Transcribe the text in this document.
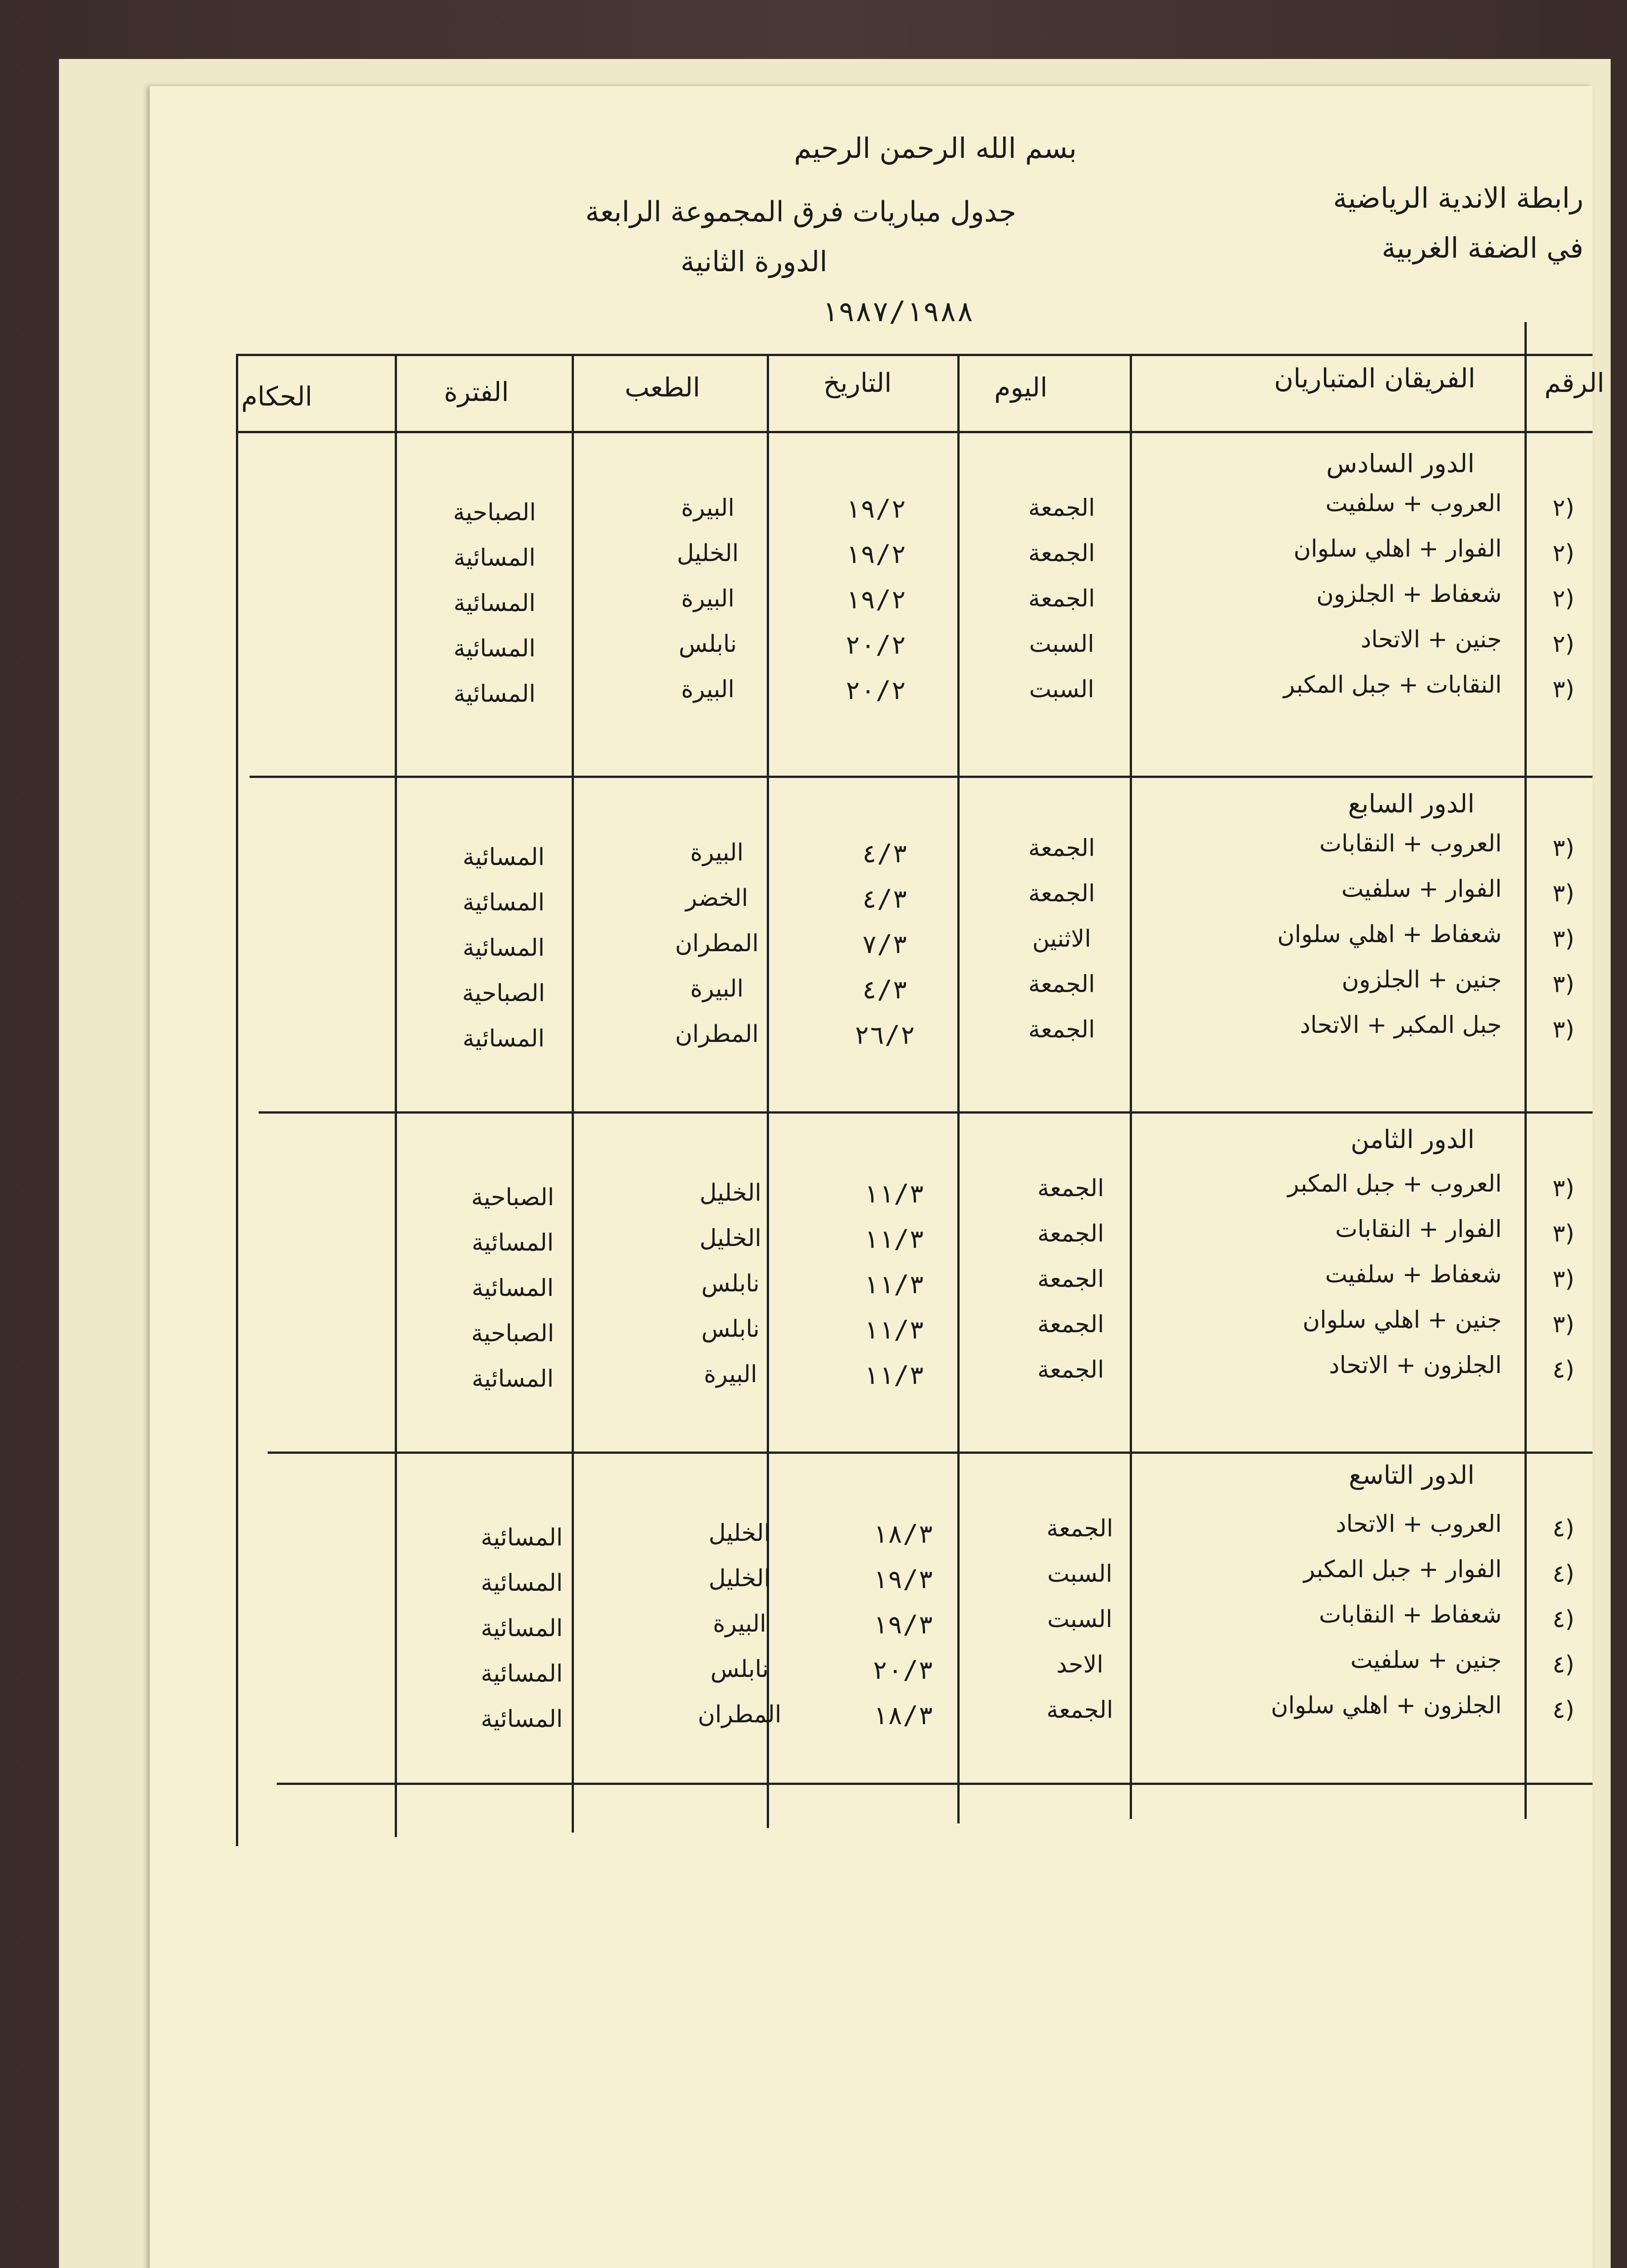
بسم الله الرحمن الرحيم
رابطة الاندية الرياضية
في الضفة الغربية
جدول مباريات فرق المجموعة الرابعة
الدورة الثانية
١٩٨٧/١٩٨٨
الرقم
الفريقان المتباريان
اليوم
التاريخ
الطعب
الفترة
الحكام
الدور السادس
٢)
العروب + سلفيت
الجمعة
١٩/٢
البيرة
الصباحية
٢)
الفوار + اهلي سلوان
الجمعة
١٩/٢
الخليل
المسائية
٢)
شعفاط + الجلزون
الجمعة
١٩/٢
البيرة
المسائية
٢)
جنين + الاتحاد
السبت
٢٠/٢
نابلس
المسائية
٣)
النقابات + جبل المكبر
السبت
٢٠/٢
البيرة
المسائية
الدور السابع
٣)
العروب + النقابات
الجمعة
٤/٣
البيرة
المسائية
٣)
الفوار + سلفيت
الجمعة
٤/٣
الخضر
المسائية
٣)
شعفاط + اهلي سلوان
الاثنين
٧/٣
المطران
المسائية
٣)
جنين + الجلزون
الجمعة
٤/٣
البيرة
الصباحية
٣)
جبل المكبر + الاتحاد
الجمعة
٢٦/٢
المطران
المسائية
الدور الثامن
٣)
العروب + جبل المكبر
الجمعة
١١/٣
الخليل
الصباحية
٣)
الفوار + النقابات
الجمعة
١١/٣
الخليل
المسائية
٣)
شعفاط + سلفيت
الجمعة
١١/٣
نابلس
المسائية
٣)
جنين + اهلي سلوان
الجمعة
١١/٣
نابلس
الصباحية
٤)
الجلزون + الاتحاد
الجمعة
١١/٣
البيرة
المسائية
الدور التاسع
٤)
العروب + الاتحاد
الجمعة
١٨/٣
الخليل
المسائية
٤)
الفوار + جبل المكبر
السبت
١٩/٣
الخليل
المسائية
٤)
شعفاط + النقابات
السبت
١٩/٣
البيرة
المسائية
٤)
جنين + سلفيت
الاحد
٢٠/٣
نابلس
المسائية
٤)
الجلزون + اهلي سلوان
الجمعة
١٨/٣
المطران
المسائية
